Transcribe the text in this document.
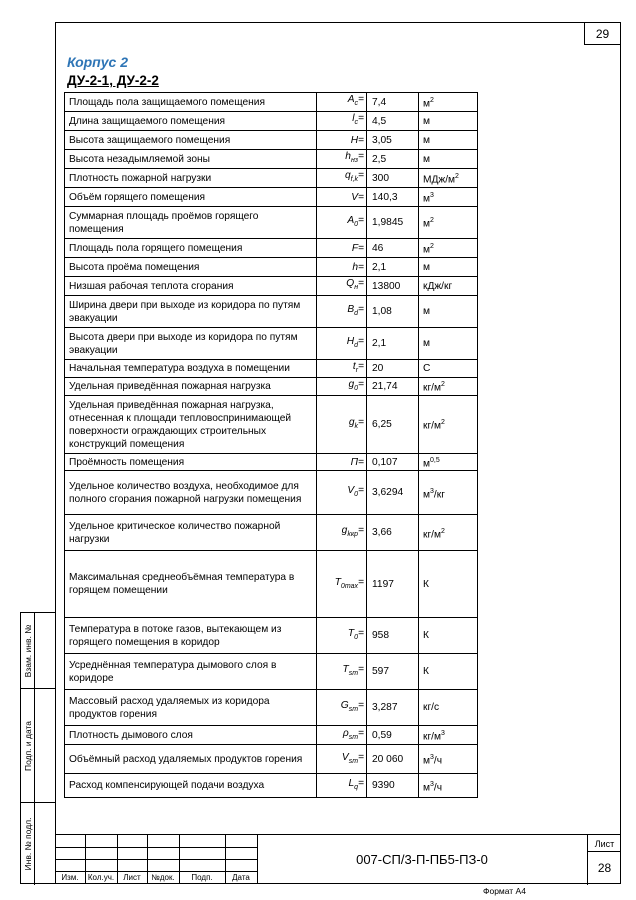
29
Корпус 2
ДУ-2-1, ДУ-2-2
Площадь пола защищаемого помещения	$A_c=$	7,4	$м^2$
Длина защищаемого помещения	$l_c=$	4,5	м
Высота защищаемого помещения	H=	3,05	м
Высота незадымляемой зоны	$h_{нз}=$	2,5	м
Плотность пожарной нагрузки	$q_{f,k}=$	300	МДж/$м^2$
Объём горящего помещения	V=	140,3	$м^3$
Суммарная площадь проёмов горящего помещения	$A_0=$	1,9845	$м^2$
Площадь пола горящего помещения	F=	46	$м^2$
Высота проёма помещения	h=	2,1	м
Низшая рабочая теплота сгорания	$Q_н=$	13800	кДж/кг
Ширина двери при выходе из коридора по путям эвакуации	$B_d=$	1,08	м
Высота двери при выходе из коридора по путям эвакуации	$H_d=$	2,1	м
Начальная температура воздуха в помещении	$t_r=$	20	С
Удельная приведённая пожарная нагрузка	$g_0=$	21,74	$кг/м^2$
Удельная приведённая пожарная нагрузка, отнесенная к площади тепловоспринимающей поверхности ограждающих строительных конструкций помещения	$g_k=$	6,25	$кг/м^2$
Проёмность помещения	П=	0,107	$м^{0,5}$
Удельное количество воздуха, необходимое для полного сгорания пожарной нагрузки помещения	$V_0=$	3,6294	$м^3/кг$
Удельное критическое количество пожарной нагрузки	$g_{kкр}=$	3,66	$кг/м^2$
Максимальная среднеобъёмная температура в горящем помещении	$T_{0max}=$	1197	К
Температура в потоке газов, вытекающем из горящего помещения в коридор	$T_0=$	958	К
Усреднённая температура дымового слоя в коридоре	$T_{sm}=$	597	К
Массовый расход удаляемых из коридора продуктов горения	$G_{sm}=$	3,287	кг/с
Плотность дымового слоя	$\rho_{sm}=$	0,59	$кг/м^3$
Объёмный расход удаляемых продуктов горения	$V_{sm}=$	20 060	$м^3/ч$
Расход компенсирующей подачи воздуха	$L_q=$	9390	$м^3/ч$
Взам. инв. №
Подп. и дата
Инв. № подл.
Изм.	Кол.уч.	Лист	№док.	Подп.	Дата
007-СП/3-П-ПБ5-ПЗ-0
Лист
28
Формат А4
